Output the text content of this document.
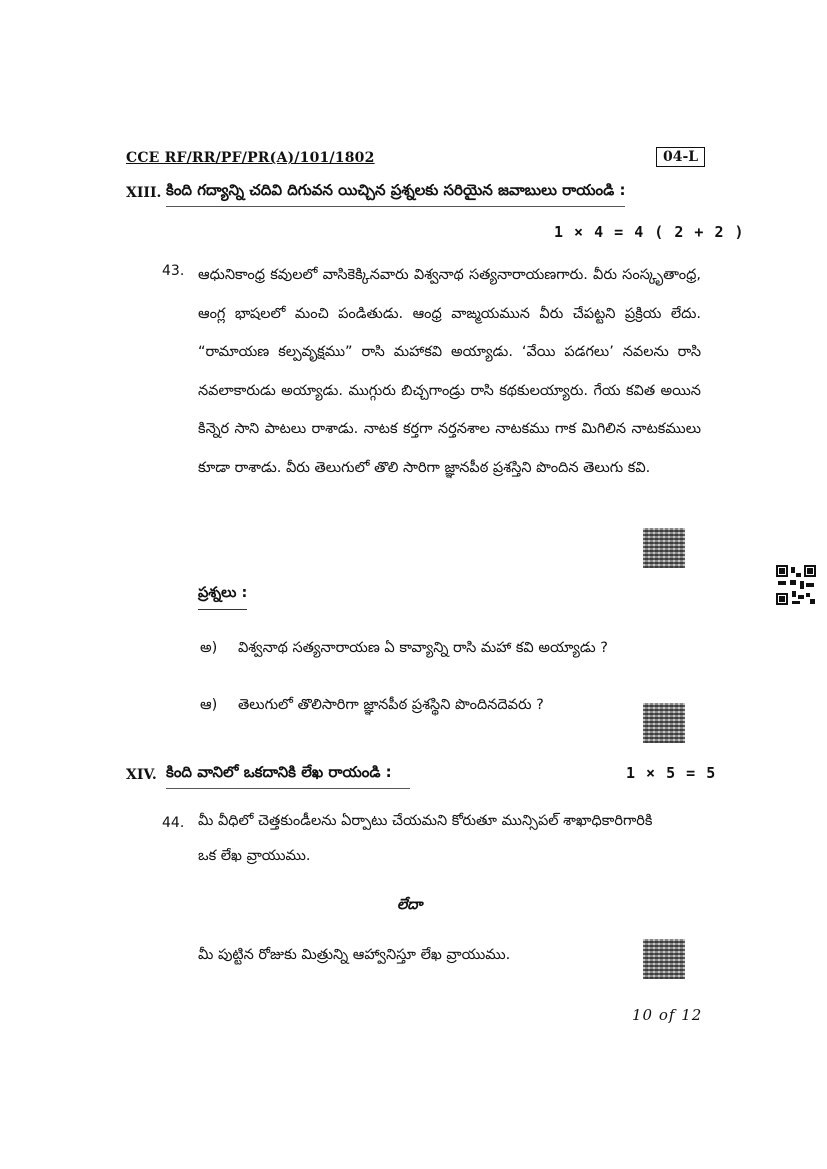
CCE RF/RR/PF/PR(A)/101/1802	04-L
XIII. కింది గద్యాన్ని చదివి దిగువన యిచ్చిన ప్రశ్నలకు సరియైన జవాబులు రాయండి :
1 × 4 = 4 ( 2 + 2 )
43. ఆధునికాంధ్ర కవులలో వాసికెక్కినవారు విశ్వనాథ సత్యనారాయణగారు. వీరు సంస్కృతాంధ్ర, ఆంగ్ల భాషలలో మంచి పండితుడు. ఆంధ్ర వాఙ్మయమున వీరు చేపట్టని ప్రక్రియ లేదు. “రామాయణ కల్పవృక్షము” రాసి మహాకవి అయ్యాడు. ‘వేయి పడగలు’ నవలను రాసి నవలాకారుడు అయ్యాడు. ముగ్గురు బిచ్చగాండ్రు రాసి కథకులయ్యారు. గేయ కవిత అయిన కిన్నెర సాని పాటలు రాశాడు. నాటక కర్తగా నర్తనశాల నాటకము గాక మిగిలిన నాటకములు కూడా రాశాడు. వీరు తెలుగులో తొలి సారిగా జ్ఞానపీఠ ప్రశస్తిని పొందిన తెలుగు కవి.
ప్రశ్నలు :
అ) విశ్వనాథ సత్యనారాయణ ఏ కావ్యాన్ని రాసి మహా కవి అయ్యాడు ?
ఆ) తెలుగులో తొలిసారిగా జ్ఞానపీఠ ప్రశస్థిని పొందినదెవరు ?
XIV. కింది వానిలో ఒకదానికి లేఖ రాయండి :	1 × 5 = 5
44. మీ వీధిలో చెత్తకుండీలను ఏర్పాటు చేయమని కోరుతూ మున్సిపల్ శాఖాధికారిగారికి
ఒక లేఖ వ్రాయుము.
లేదా
మీ పుట్టిన రోజుకు మిత్రున్ని ఆహ్వానిస్తూ లేఖ వ్రాయుము.
10 of 12
